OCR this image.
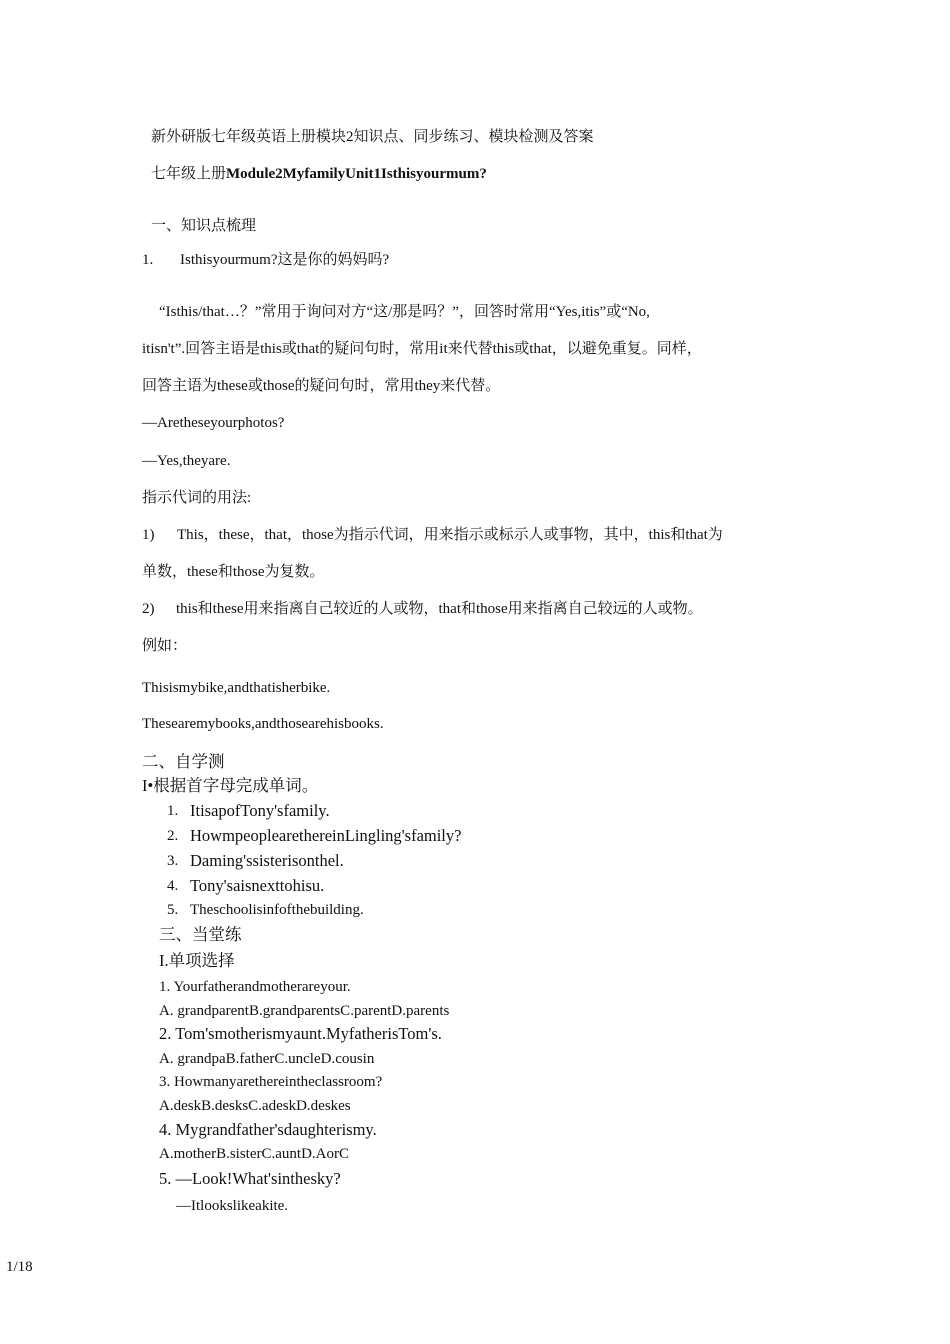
新外研版七年级英语上册模块2知识点、同步练习、模块检测及答案
七年级上册Module2MyfamilyUnit1Isthisyourmum?
一、知识点梳理
1. Isthisyourmum?这是你的妈妈吗?
“Isthis/that…？”常用于询问对方“这/那是吗？”，回答时常用“Yes,itis”或“No,
itisn't”.回答主语是this或that的疑问句时，常用it来代替this或that，以避免重复。同样，
回答主语为these或those的疑问句时，常用they来代替。
—Aretheseyourphotos?
—Yes,theyare.
指示代词的用法:
1) This，these，that，those为指示代词，用来指示或标示人或事物，其中，this和that为
单数，these和those为复数。
2) this和these用来指离自己较近的人或物，that和those用来指离自己较远的人或物。
例如：
Thisismybike,andthatisherbike.
Thesearemybooks,andthosearehisbooks.
二、自学测
I•根据首字母完成单词。
1. ItisapofTony'sfamily.
2. HowmpeoplearethereinLingling'sfamily?
3. Daming'ssisterisonthel.
4. Tony'saisnexttohisu.
5. Theschoolisinfofthebuilding.
三、当堂练
I.单项选择
1. Yourfatherandmotherareyour.
A. grandparentB.grandparentsC.parentD.parents
2. Tom'smotherismyaunt.MyfatherisTom's.
A. grandpaB.fatherC.uncleD.cousin
3. Howmanyarethereintheclassroom?
A.deskB.desksC.adeskD.deskes
4. Mygrandfather'sdaughterismy.
A.motherB.sisterC.auntD.AorC
5. —Look!What'sinthesky?
—Itlookslikeakite.
1/18
